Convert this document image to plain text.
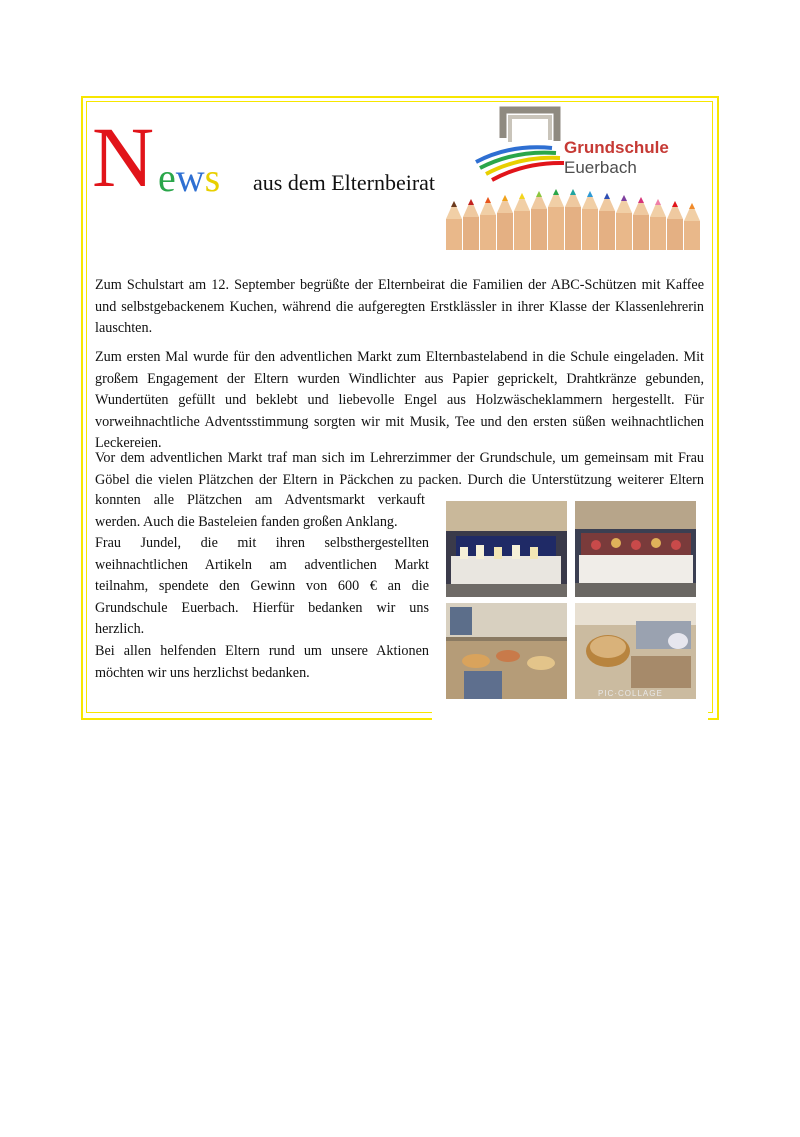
N ews aus dem Elternbeirat
Grundschule
Euerbach

Zum Schulstart am 12. September begrüßte der Elternbeirat die Familien der ABC-Schützen mit Kaffee und selbstgebackenem Kuchen, während die aufgeregten Erstklässler in ihrer Klasse der Klassenlehrerin lauschten.

Zum ersten Mal wurde für den adventlichen Markt zum Elternbastelabend in die Schule eingeladen. Mit großem Engagement der Eltern wurden Windlichter aus Papier geprickelt, Drahtkränze gebunden, Wundertüten gefüllt und beklebt und liebevolle Engel aus Holzwäscheklammern hergestellt. Für vorweihnachtliche Adventsstimmung sorgten wir mit Musik, Tee und den ersten süßen weihnachtlichen Leckereien.

Vor dem adventlichen Markt traf man sich im Lehrerzimmer der Grundschule, um gemeinsam mit Frau Göbel die vielen Plätzchen der Eltern in Päckchen zu packen. Durch die Unterstützung weiterer Eltern

konnten alle Plätzchen am Adventsmarkt verkauft werden. Auch die Basteleien fanden großen Anklang.

Frau Jundel, die mit ihren selbsthergestellten weihnachtlichen Artikeln am adventlichen Markt teilnahm, spendete den Gewinn von 600 € an die Grundschule Euerbach. Hierfür bedanken wir uns herzlich.

Bei allen helfenden Eltern rund um unsere Aktionen möchten wir uns herzlichst bedanken.

PIC·COLLAGE
